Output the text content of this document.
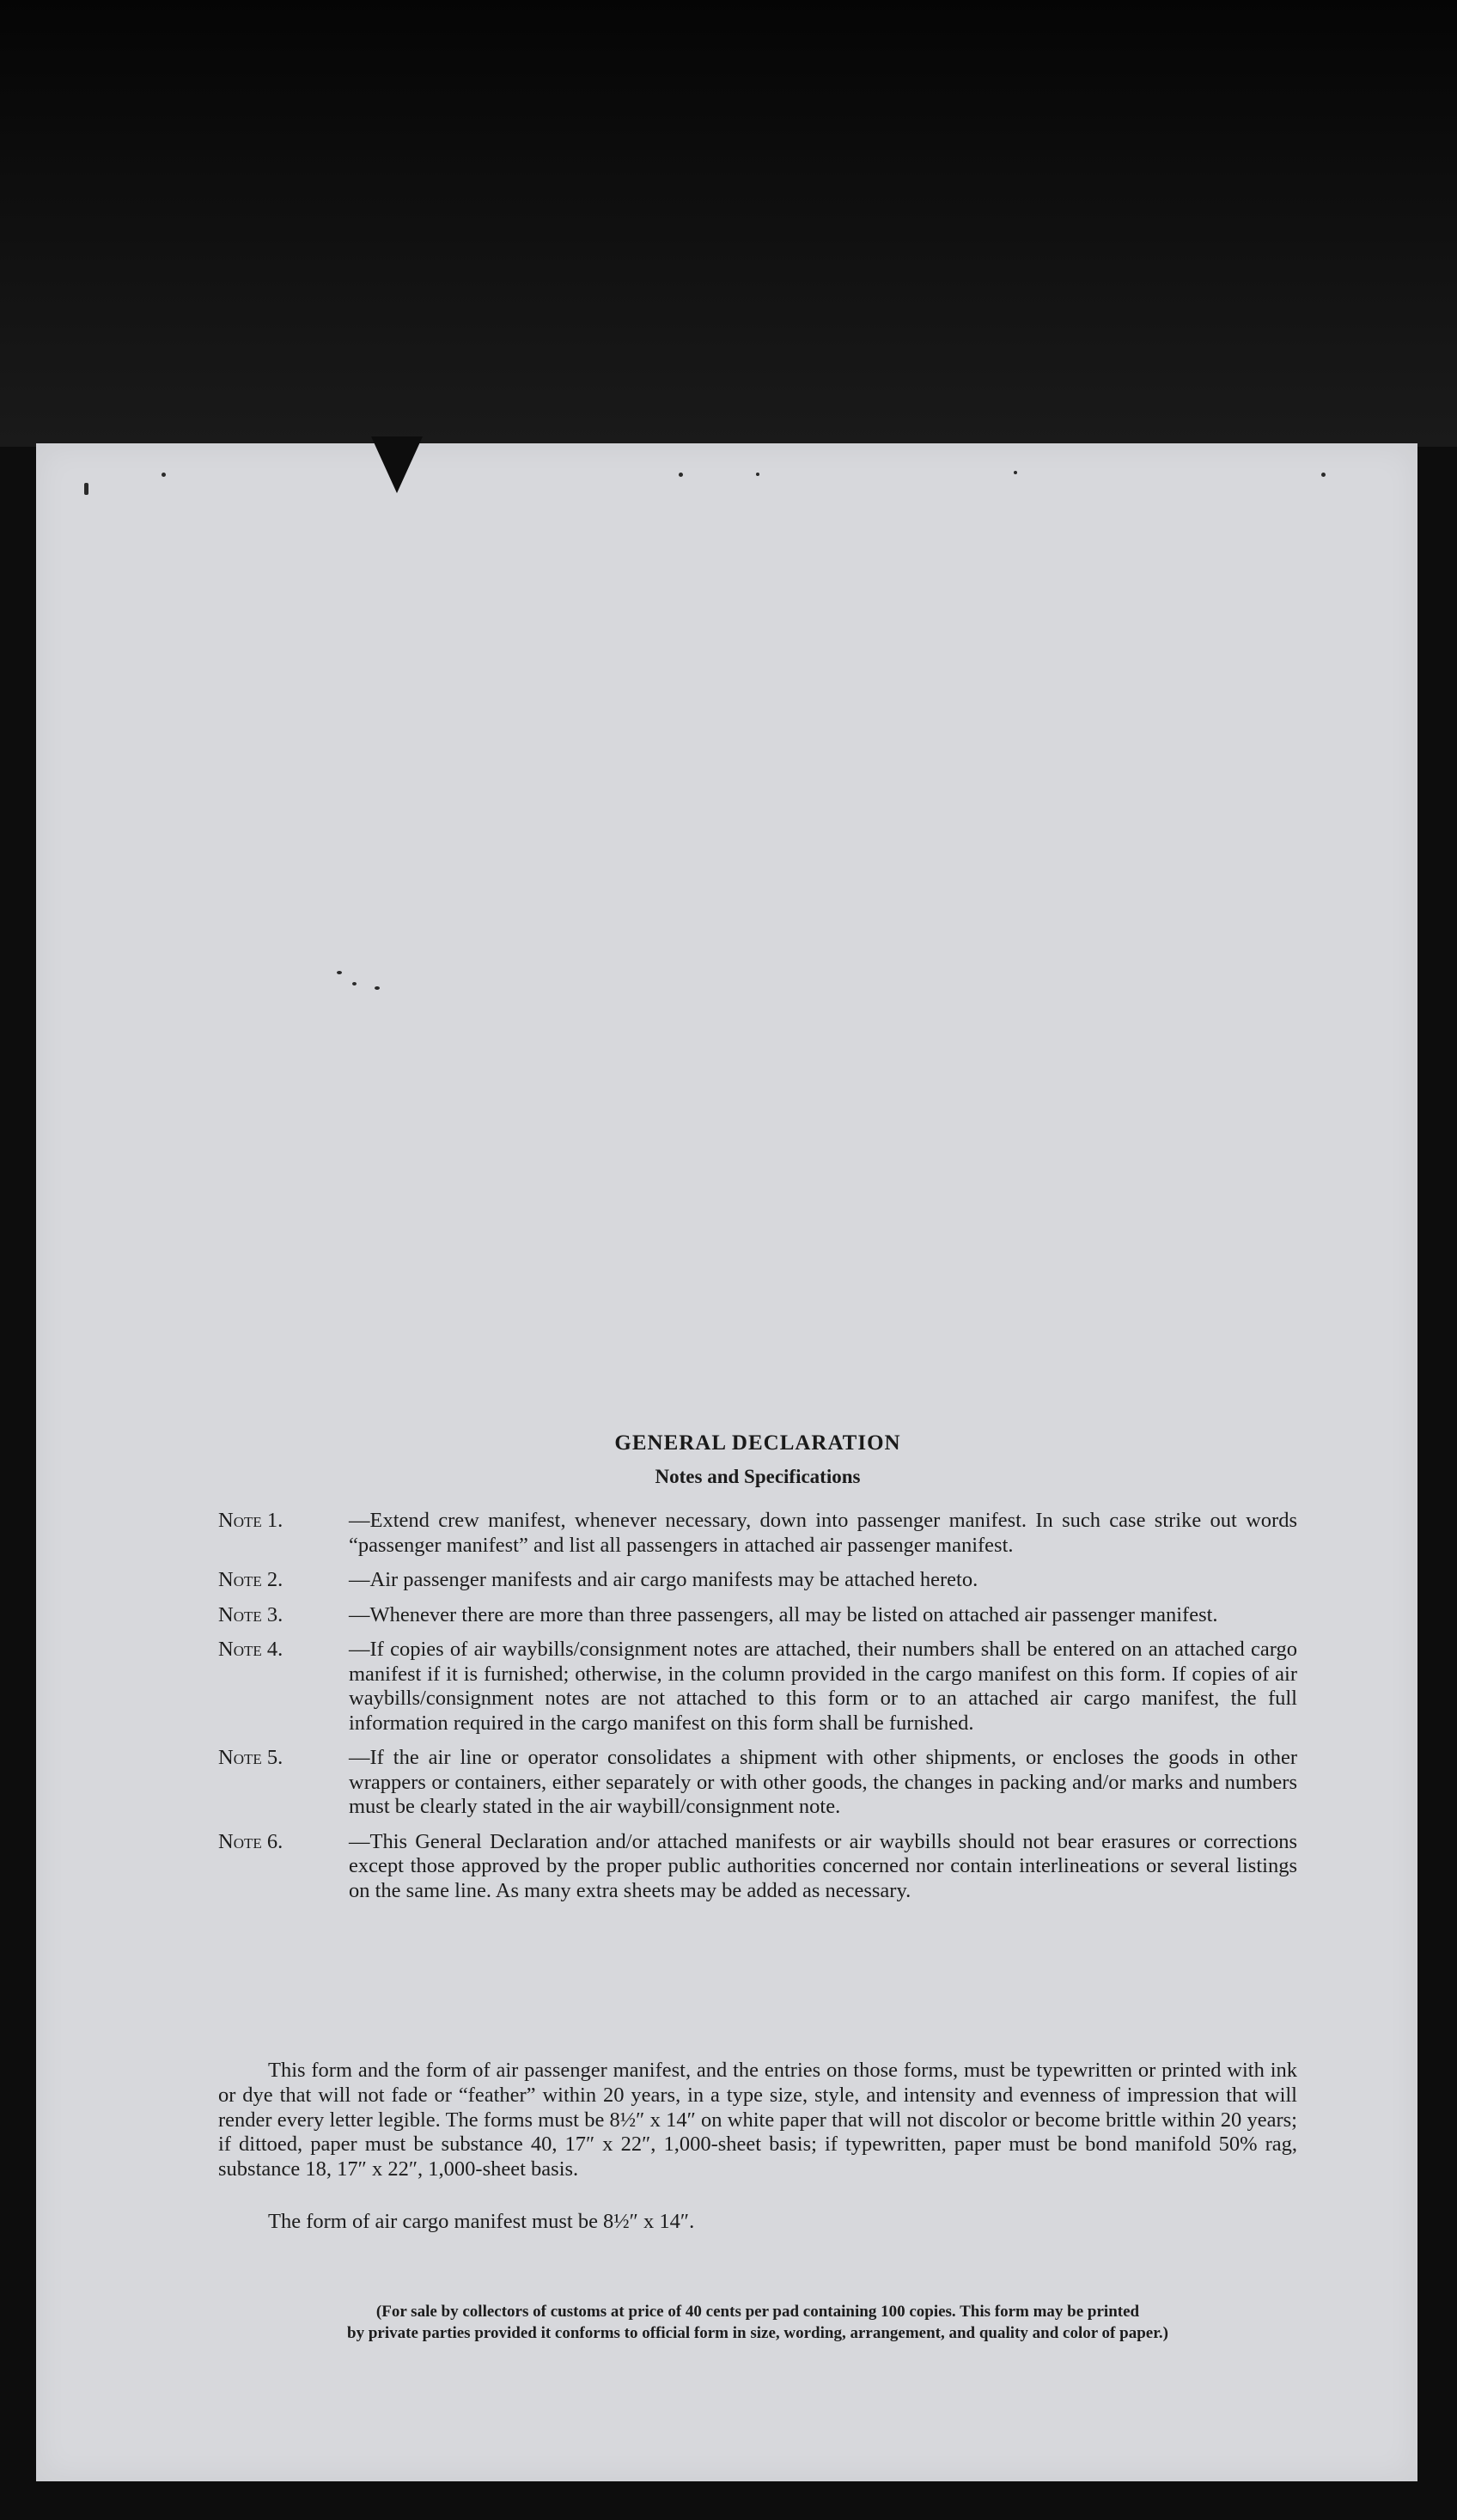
GENERAL DECLARATION
Notes and Specifications
Note 1.	—Extend crew manifest, whenever necessary, down into passenger manifest. In such case strike out words “passenger manifest” and list all passengers in attached air passenger manifest.
Note 2.	—Air passenger manifests and air cargo manifests may be attached hereto.
Note 3.	—Whenever there are more than three passengers, all may be listed on attached air passenger manifest.
Note 4.	—If copies of air waybills/consignment notes are attached, their numbers shall be entered on an attached cargo manifest if it is furnished; otherwise, in the column provided in the cargo manifest on this form. If copies of air waybills/consignment notes are not attached to this form or to an attached air cargo manifest, the full information required in the cargo manifest on this form shall be furnished.
Note 5.	—If the air line or operator consolidates a shipment with other shipments, or encloses the goods in other wrappers or containers, either separately or with other goods, the changes in packing and/or marks and numbers must be clearly stated in the air waybill/consignment note.
Note 6.	—This General Declaration and/or attached manifests or air waybills should not bear erasures or corrections except those approved by the proper public authorities concerned nor contain interlineations or several listings on the same line. As many extra sheets may be added as necessary.

This form and the form of air passenger manifest, and the entries on those forms, must be typewritten or printed with ink or dye that will not fade or “feather” within 20 years, in a type size, style, and intensity and evenness of impression that will render every letter legible. The forms must be 8½″ x 14″ on white paper that will not discolor or become brittle within 20 years; if dittoed, paper must be substance 40, 17″ x 22″, 1,000-sheet basis; if typewritten, paper must be bond manifold 50% rag, substance 18, 17″ x 22″, 1,000-sheet basis.

The form of air cargo manifest must be 8½″ x 14″.

(For sale by collectors of customs at price of 40 cents per pad containing 100 copies. This form may be printed
by private parties provided it conforms to official form in size, wording, arrangement, and quality and color of paper.)
